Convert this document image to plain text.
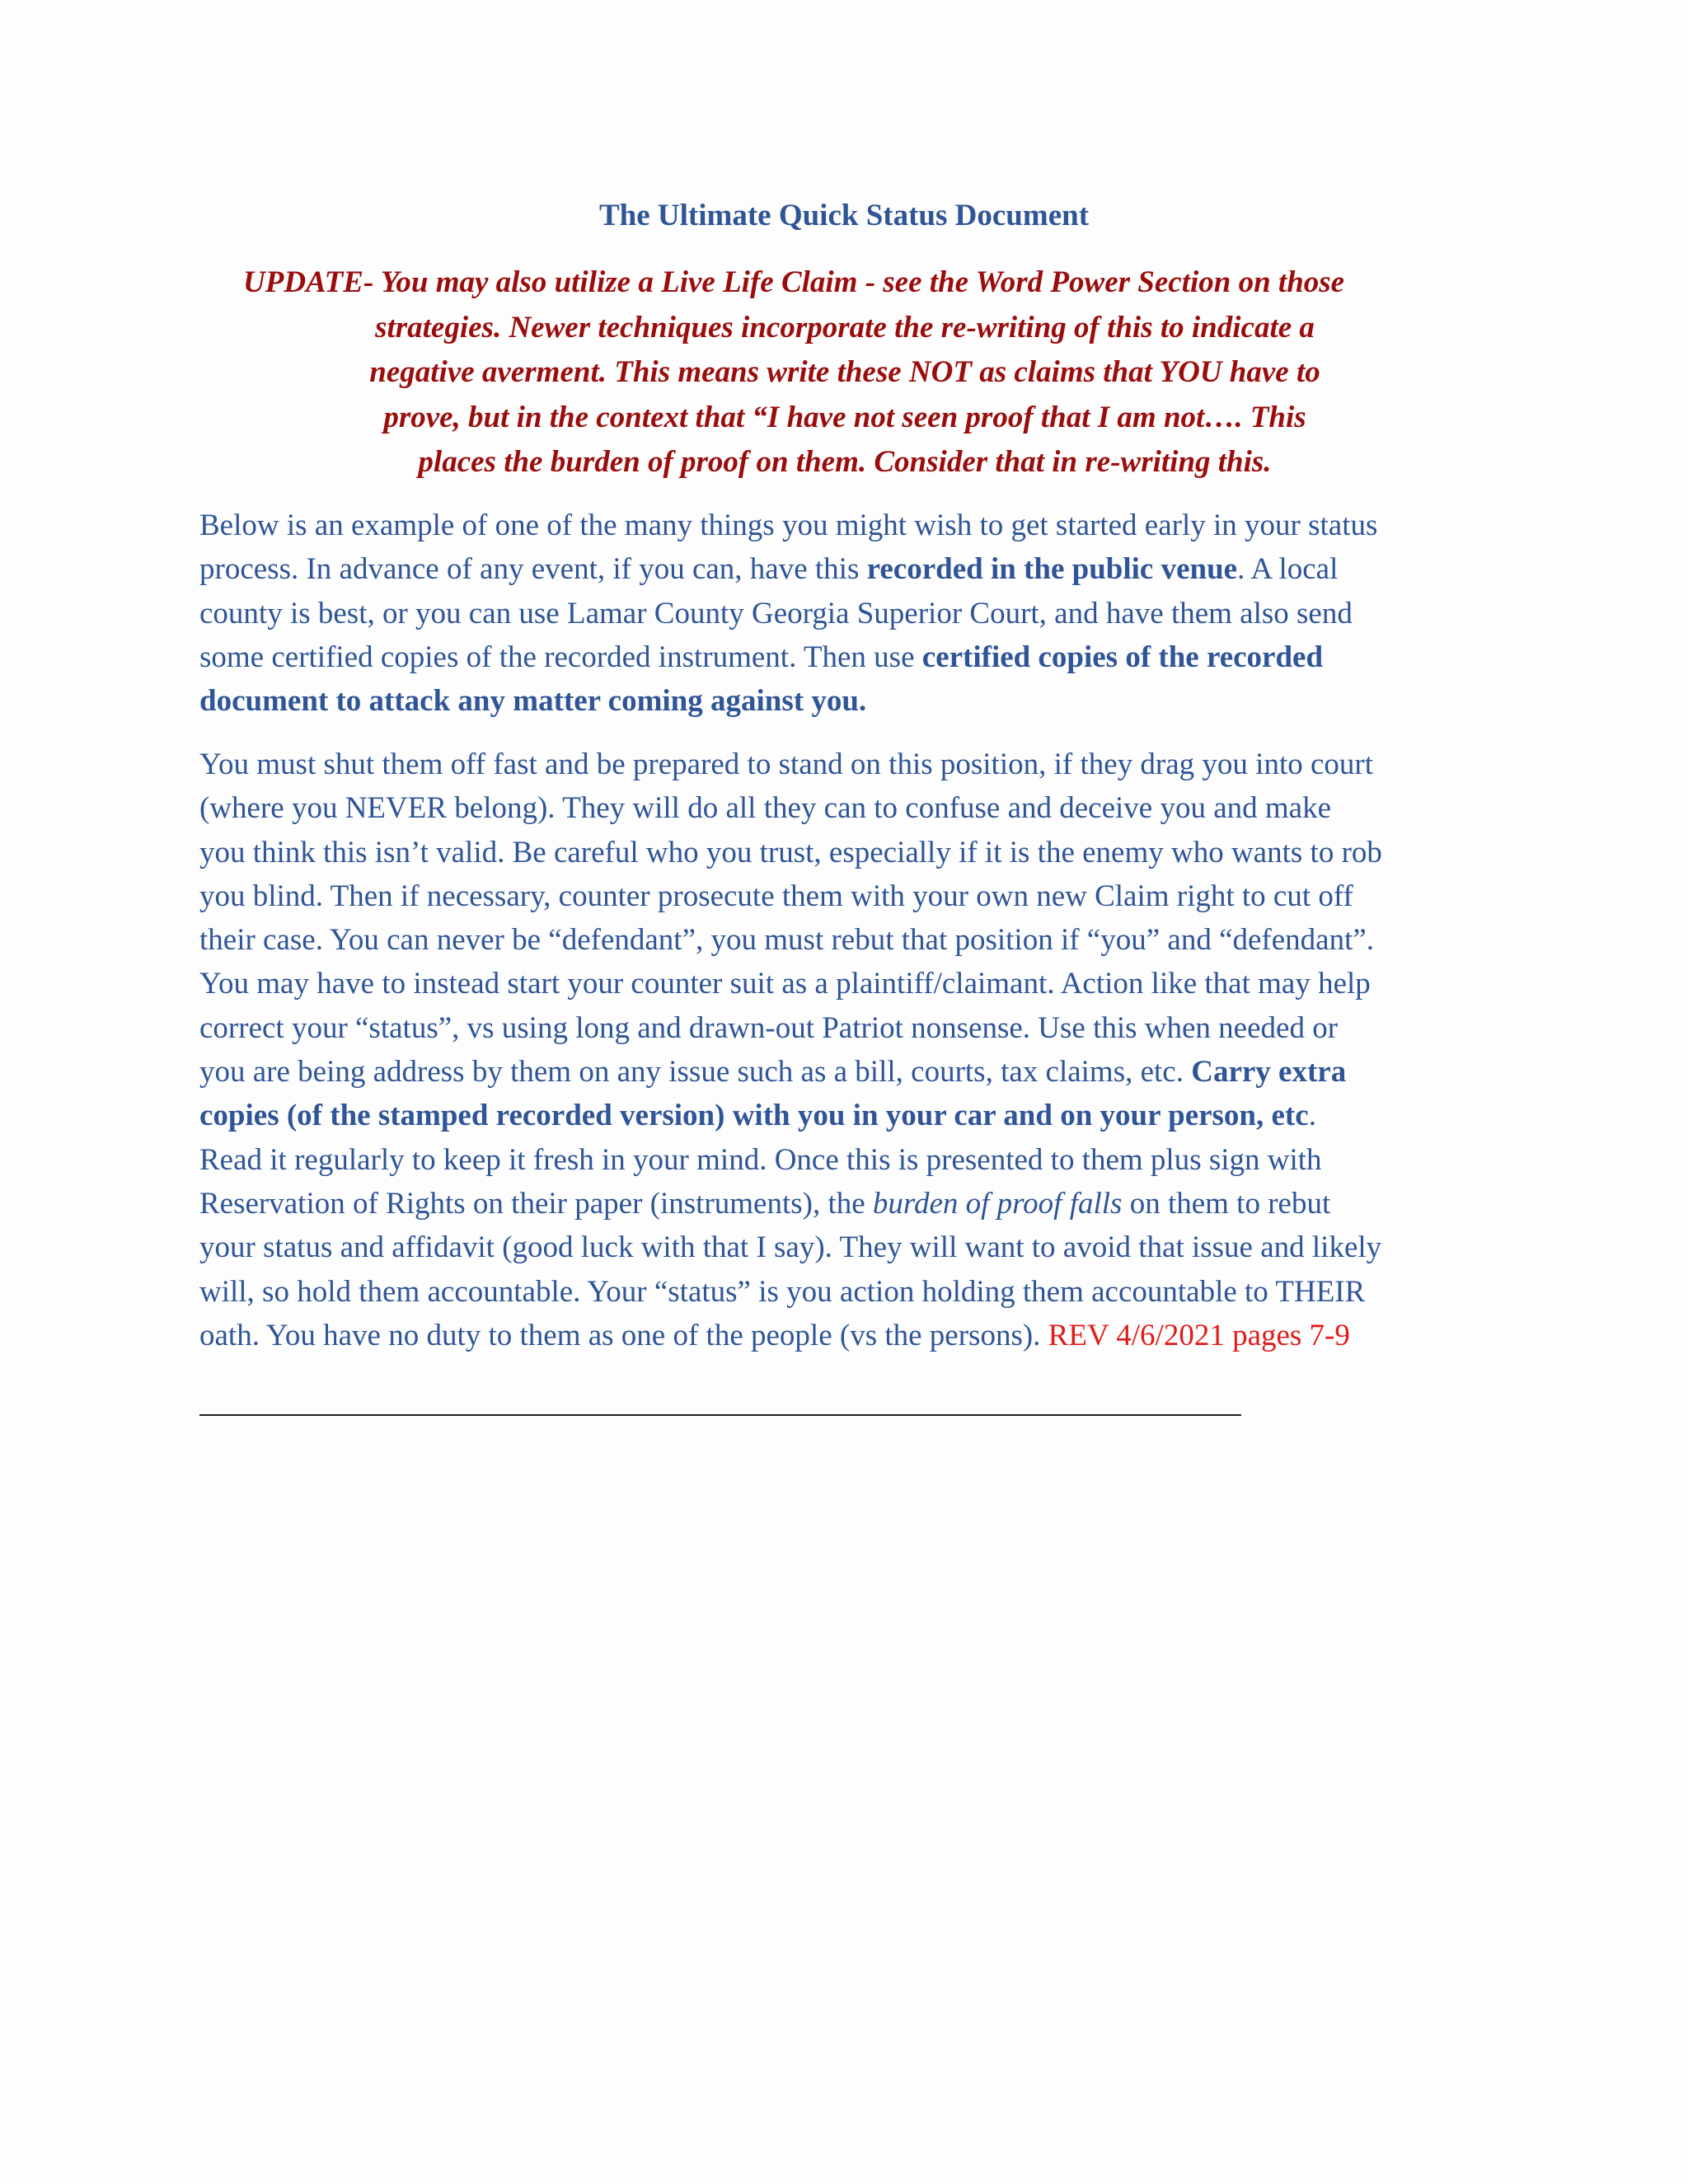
The Ultimate Quick Status Document
UPDATE- You may also utilize a Live Life Claim - see the Word Power Section on those
strategies. Newer techniques incorporate the re-writing of this to indicate a
negative averment. This means write these NOT as claims that YOU have to
prove, but in the context that “I have not seen proof that I am not…. This
places the burden of proof on them. Consider that in re-writing this.
Below is an example of one of the many things you might wish to get started early in your status
process. In advance of any event, if you can, have this recorded in the public venue. A local
county is best, or you can use Lamar County Georgia Superior Court, and have them also send
some certified copies of the recorded instrument. Then use certified copies of the recorded
document to attack any matter coming against you.
You must shut them off fast and be prepared to stand on this position, if they drag you into court
(where you NEVER belong). They will do all they can to confuse and deceive you and make
you think this isn’t valid. Be careful who you trust, especially if it is the enemy who wants to rob
you blind. Then if necessary, counter prosecute them with your own new Claim right to cut off
their case. You can never be “defendant”, you must rebut that position if “you” and “defendant”.
You may have to instead start your counter suit as a plaintiff/claimant. Action like that may help
correct your “status”, vs using long and drawn-out Patriot nonsense. Use this when needed or
you are being address by them on any issue such as a bill, courts, tax claims, etc. Carry extra
copies (of the stamped recorded version) with you in your car and on your person, etc.
Read it regularly to keep it fresh in your mind. Once this is presented to them plus sign with
Reservation of Rights on their paper (instruments), the burden of proof falls on them to rebut
your status and affidavit (good luck with that I say). They will want to avoid that issue and likely
will, so hold them accountable. Your “status” is you action holding them accountable to THEIR
oath. You have no duty to them as one of the people (vs the persons). REV 4/6/2021 pages 7-9
